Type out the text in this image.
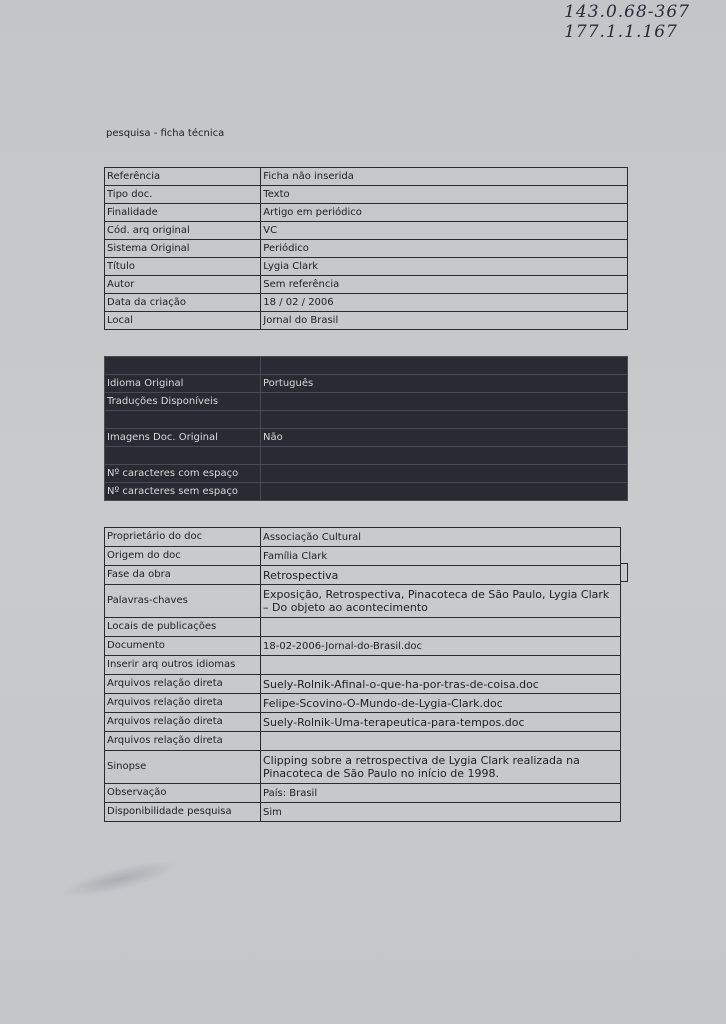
143.0.68-367
177.1.1.167
pesquisa - ficha técnica
Referência	Ficha não inserida
Tipo doc.	Texto
Finalidade	Artigo em periódico
Cód. arq original	VC
Sistema Original	Periódico
Título	Lygia Clark
Autor	Sem referência
Data da criação	18 / 02 / 2006
Local	Jornal do Brasil

Idioma Original	Português
Traduções Disponíveis	

Imagens Doc. Original	Não

Nº caracteres com espaço	
Nº caracteres sem espaço	
Proprietário do doc	Associação Cultural
Origem do doc	Família Clark
Fase da obra	Retrospectiva
Palavras-chaves	Exposição, Retrospectiva, Pinacoteca de São Paulo, Lygia Clark – Do objeto ao acontecimento
Locais de publicações	
Documento	18-02-2006-Jornal-do-Brasil.doc
Inserir arq outros idiomas	
Arquivos relação direta	Suely-Rolnik-Afinal-o-que-ha-por-tras-de-coisa.doc
Arquivos relação direta	Felipe-Scovino-O-Mundo-de-Lygia-Clark.doc
Arquivos relação direta	Suely-Rolnik-Uma-terapeutica-para-tempos.doc
Arquivos relação direta	
Sinopse	Clipping sobre a retrospectiva de Lygia Clark realizada na Pinacoteca de São Paulo no início de 1998.
Observação	País: Brasil
Disponibilidade pesquisa	Sim
